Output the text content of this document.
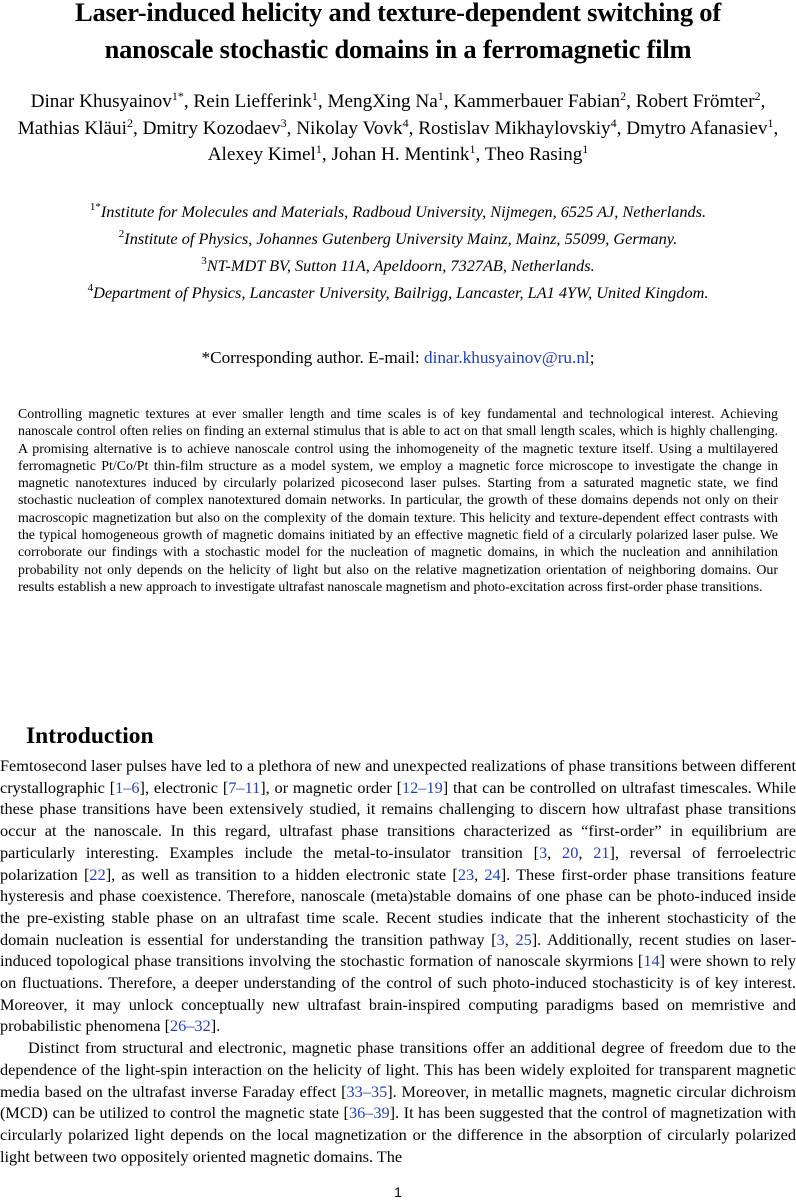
Laser-induced helicity and texture-dependent switching of
nanoscale stochastic domains in a ferromagnetic film
Dinar Khusyainov$^{1*}$, Rein Liefferink$^1$, MengXing Na$^1$, Kammerbauer Fabian$^2$, Robert Frömter$^2$, Mathias Kläui$^2$, Dmitry Kozodaev$^3$, Nikolay Vovk$^4$, Rostislav Mikhaylovskiy$^4$, Dmytro Afanasiev$^1$, Alexey Kimel$^1$, Johan H. Mentink$^1$, Theo Rasing$^1$
$^{1*}$Institute for Molecules and Materials, Radboud University, Nijmegen, 6525 AJ, Netherlands.
$^2$Institute of Physics, Johannes Gutenberg University Mainz, Mainz, 55099, Germany.
$^3$NT-MDT BV, Sutton 11A, Apeldoorn, 7327AB, Netherlands.
$^4$Department of Physics, Lancaster University, Bailrigg, Lancaster, LA1 4YW, United Kingdom.
*Corresponding author. E-mail: dinar.khusyainov@ru.nl;
Controlling magnetic textures at ever smaller length and time scales is of key fundamental and technological interest. Achieving nanoscale control often relies on finding an external stimulus that is able to act on that small length scales, which is highly challenging. A promising alternative is to achieve nanoscale control using the inhomogeneity of the magnetic texture itself. Using a multilayered ferromagnetic Pt/Co/Pt thin-film structure as a model system, we employ a magnetic force microscope to investigate the change in magnetic nanotextures induced by circularly polarized picosecond laser pulses. Starting from a saturated magnetic state, we find stochastic nucleation of complex nanotextured domain networks. In particular, the growth of these domains depends not only on their macroscopic magnetization but also on the complexity of the domain texture. This helicity and texture-dependent effect contrasts with the typical homogeneous growth of magnetic domains initiated by an effective magnetic field of a circularly polarized laser pulse. We corroborate our findings with a stochastic model for the nucleation of magnetic domains, in which the nucleation and annihilation probability not only depends on the helicity of light but also on the relative magnetization orientation of neighboring domains. Our results establish a new approach to investigate ultrafast nanoscale magnetism and photo-excitation across first-order phase transitions.
Introduction

Femtosecond laser pulses have led to a plethora of new and unexpected realizations of phase transitions between different crystallographic [1–6], electronic [7–11], or magnetic order [12–19] that can be controlled on ultrafast timescales. While these phase transitions have been extensively studied, it remains challenging to discern how ultrafast phase transitions occur at the nanoscale. In this regard, ultrafast phase transitions characterized as “first-order” in equilibrium are particularly interesting. Examples include the metal-to-insulator transition [3, 20, 21], reversal of ferroelectric polarization [22], as well as transition to a hidden electronic state [23, 24]. These first-order phase transitions feature hysteresis and phase coexistence. Therefore, nanoscale (meta)stable domains of one phase can be photo-induced inside the pre-existing stable phase on an ultrafast time scale. Recent studies indicate that the inherent stochasticity of the domain nucleation is essential for understanding the transition pathway [3, 25]. Additionally, recent studies on laser-induced topological phase transitions involving the stochastic formation of nanoscale skyrmions [14] were shown to rely on fluctuations. Therefore, a deeper understanding of the control of such photo-induced stochasticity is of key interest. Moreover, it may unlock conceptually new ultrafast brain-inspired computing paradigms based on memristive and probabilistic phenomena [26–32].

Distinct from structural and electronic, magnetic phase transitions offer an additional degree of freedom due to the dependence of the light-spin interaction on the helicity of light. This has been widely exploited for transparent magnetic media based on the ultrafast inverse Faraday effect [33–35]. Moreover, in metallic magnets, magnetic circular dichroism (MCD) can be utilized to control the magnetic state [36–39]. It has been suggested that the control of magnetization with circularly polarized light depends on the local magnetization or the difference in the absorption of circularly polarized light between two oppositely oriented magnetic domains. The

1
